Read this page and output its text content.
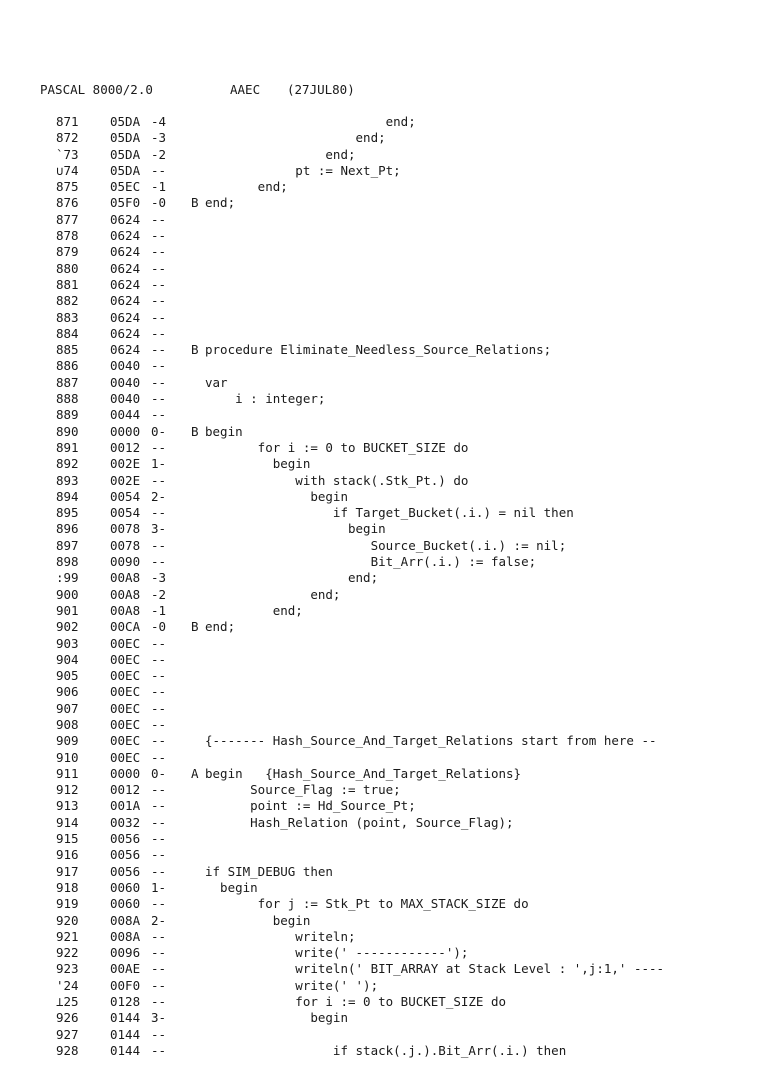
PASCAL 8000/2.0	AAEC (27JUL80)
871	05DA -4	end;
872	05DA -3	end;
`73	05DA -2	end;
∪74	05DA --	pt := Next_Pt;
875	05EC -1	end;
876	05F0 -0 B end;
877	0624 --
878	0624 --
879	0624 --
880	0624 --
881	0624 --
882	0624 --
883	0624 --
884	0624 --
885	0624 -- B procedure Eliminate_Needless_Source_Relations;
886	0040 --
887	0040 --	var
888	0040 --	i : integer;
889	0044 --
890	0000 0- B begin
891	0012 --	for i := 0 to BUCKET_SIZE do
892	002E 1-	begin
893	002E --	with stack(.Stk_Pt.) do
894	0054 2-	begin
895	0054 --	if Target_Bucket(.i.) = nil then
896	0078 3-	begin
897	0078 --	Source_Bucket(.i.) := nil;
898	0090 --	Bit_Arr(.i.) := false;
:99	00A8 -3	end;
900	00A8 -2	end;
901	00A8 -1	end;
902	00CA -0 B end;
903	00EC --
904	00EC --
905	00EC --
906	00EC --
907	00EC --
908	00EC --
909	00EC --	{------- Hash_Source_And_Target_Relations start from here --
910	00EC --
911	0000 0- A begin   {Hash_Source_And_Target_Relations}
912	0012 --	Source_Flag := true;
913	001A --	point := Hd_Source_Pt;
914	0032 --	Hash_Relation (point, Source_Flag);
915	0056 --
916	0056 --
917	0056 --	if SIM_DEBUG then
918	0060 1-	begin
919	0060 --	for j := Stk_Pt to MAX_STACK_SIZE do
920	008A 2-	begin
921	008A --	writeln;
922	0096 --	write(' ------------');
923	00AE --	writeln(' BIT_ARRAY at Stack Level : ',j:1,' ----
'24	00F0 --	write(' ');
⊥25	0128 --	for i := 0 to BUCKET_SIZE do
926	0144 3-	begin
927	0144 --
928	0144 --	if stack(.j.).Bit_Arr(.i.) then
